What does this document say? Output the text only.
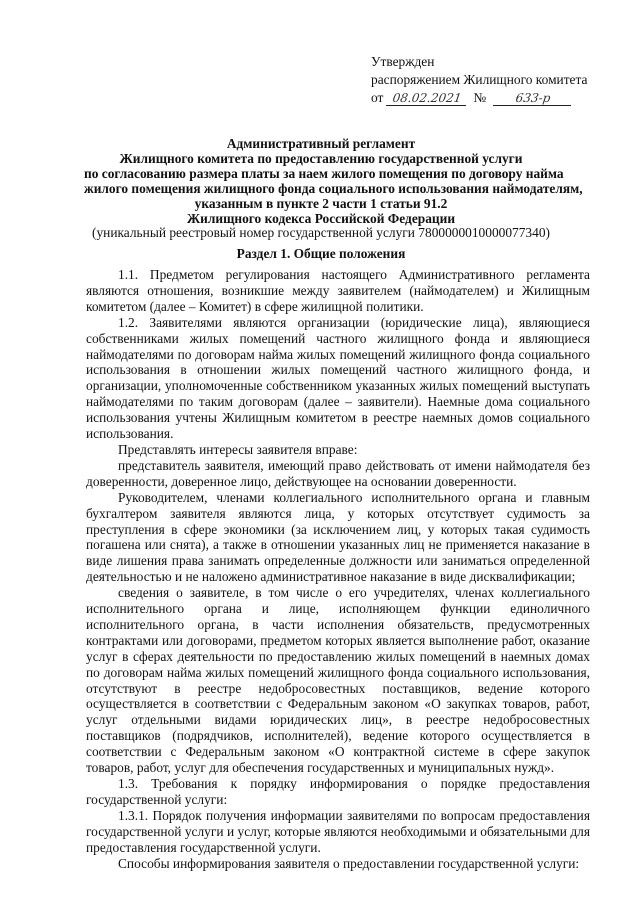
Утвержден
распоряжением Жилищного комитета
от 08.02.2021 №	633-р
Административный регламент
Жилищного комитета по предоставлению государственной услуги
по согласованию размера платы за наем жилого помещения по договору найма
жилого помещения жилищного фонда социального использования наймодателям,
указанным в пункте 2 части 1 статьи 91.2
Жилищного кодекса Российской Федерации
(уникальный реестровый номер государственной услуги 7800000010000077340)
Раздел 1. Общие положения

1.1. Предметом регулирования настоящего Административного регламента являются отношения, возникшие между заявителем (наймодателем) и Жилищным комитетом (далее – Комитет) в сфере жилищной политики.

1.2. Заявителями являются организации (юридические лица), являющиеся собственниками жилых помещений частного жилищного фонда и являющиеся наймодателями по договорам найма жилых помещений жилищного фонда социального использования в отношении жилых помещений частного жилищного фонда, и организации, уполномоченные собственником указанных жилых помещений выступать наймодателями по таким договорам (далее – заявители). Наемные дома социального использования учтены Жилищным комитетом в реестре наемных домов социального использования.

Представлять интересы заявителя вправе:

представитель заявителя, имеющий право действовать от имени наймодателя без доверенности, доверенное лицо, действующее на основании доверенности.

Руководителем, членами коллегиального исполнительного органа и главным бухгалтером заявителя являются лица, у которых отсутствует судимость за преступления в сфере экономики (за исключением лиц, у которых такая судимость погашена или снята), а также в отношении указанных лиц не применяется наказание в виде лишения права занимать определенные должности или заниматься определенной деятельностью и не наложено административное наказание в виде дисквалификации;

сведения о заявителе, в том числе о его учредителях, членах коллегиального исполнительного органа и лице, исполняющем функции единоличного исполнительного органа, в части исполнения обязательств, предусмотренных контрактами или договорами, предметом которых является выполнение работ, оказание услуг в сферах деятельности по предоставлению жилых помещений в наемных домах по договорам найма жилых помещений жилищного фонда социального использования, отсутствуют в реестре недобросовестных поставщиков, ведение которого осуществляется в соответствии с Федеральным законом «О закупках товаров, работ, услуг отдельными видами юридических лиц», в реестре недобросовестных поставщиков (подрядчиков, исполнителей), ведение которого осуществляется в соответствии с Федеральным законом «О контрактной системе в сфере закупок товаров, работ, услуг для обеспечения государственных и муниципальных нужд».

1.3. Требования к порядку информирования о порядке предоставления государственной услуги:

1.3.1. Порядок получения информации заявителями по вопросам предоставления государственной услуги и услуг, которые являются необходимыми и обязательными для предоставления государственной услуги.

Способы информирования заявителя о предоставлении государственной услуги:
